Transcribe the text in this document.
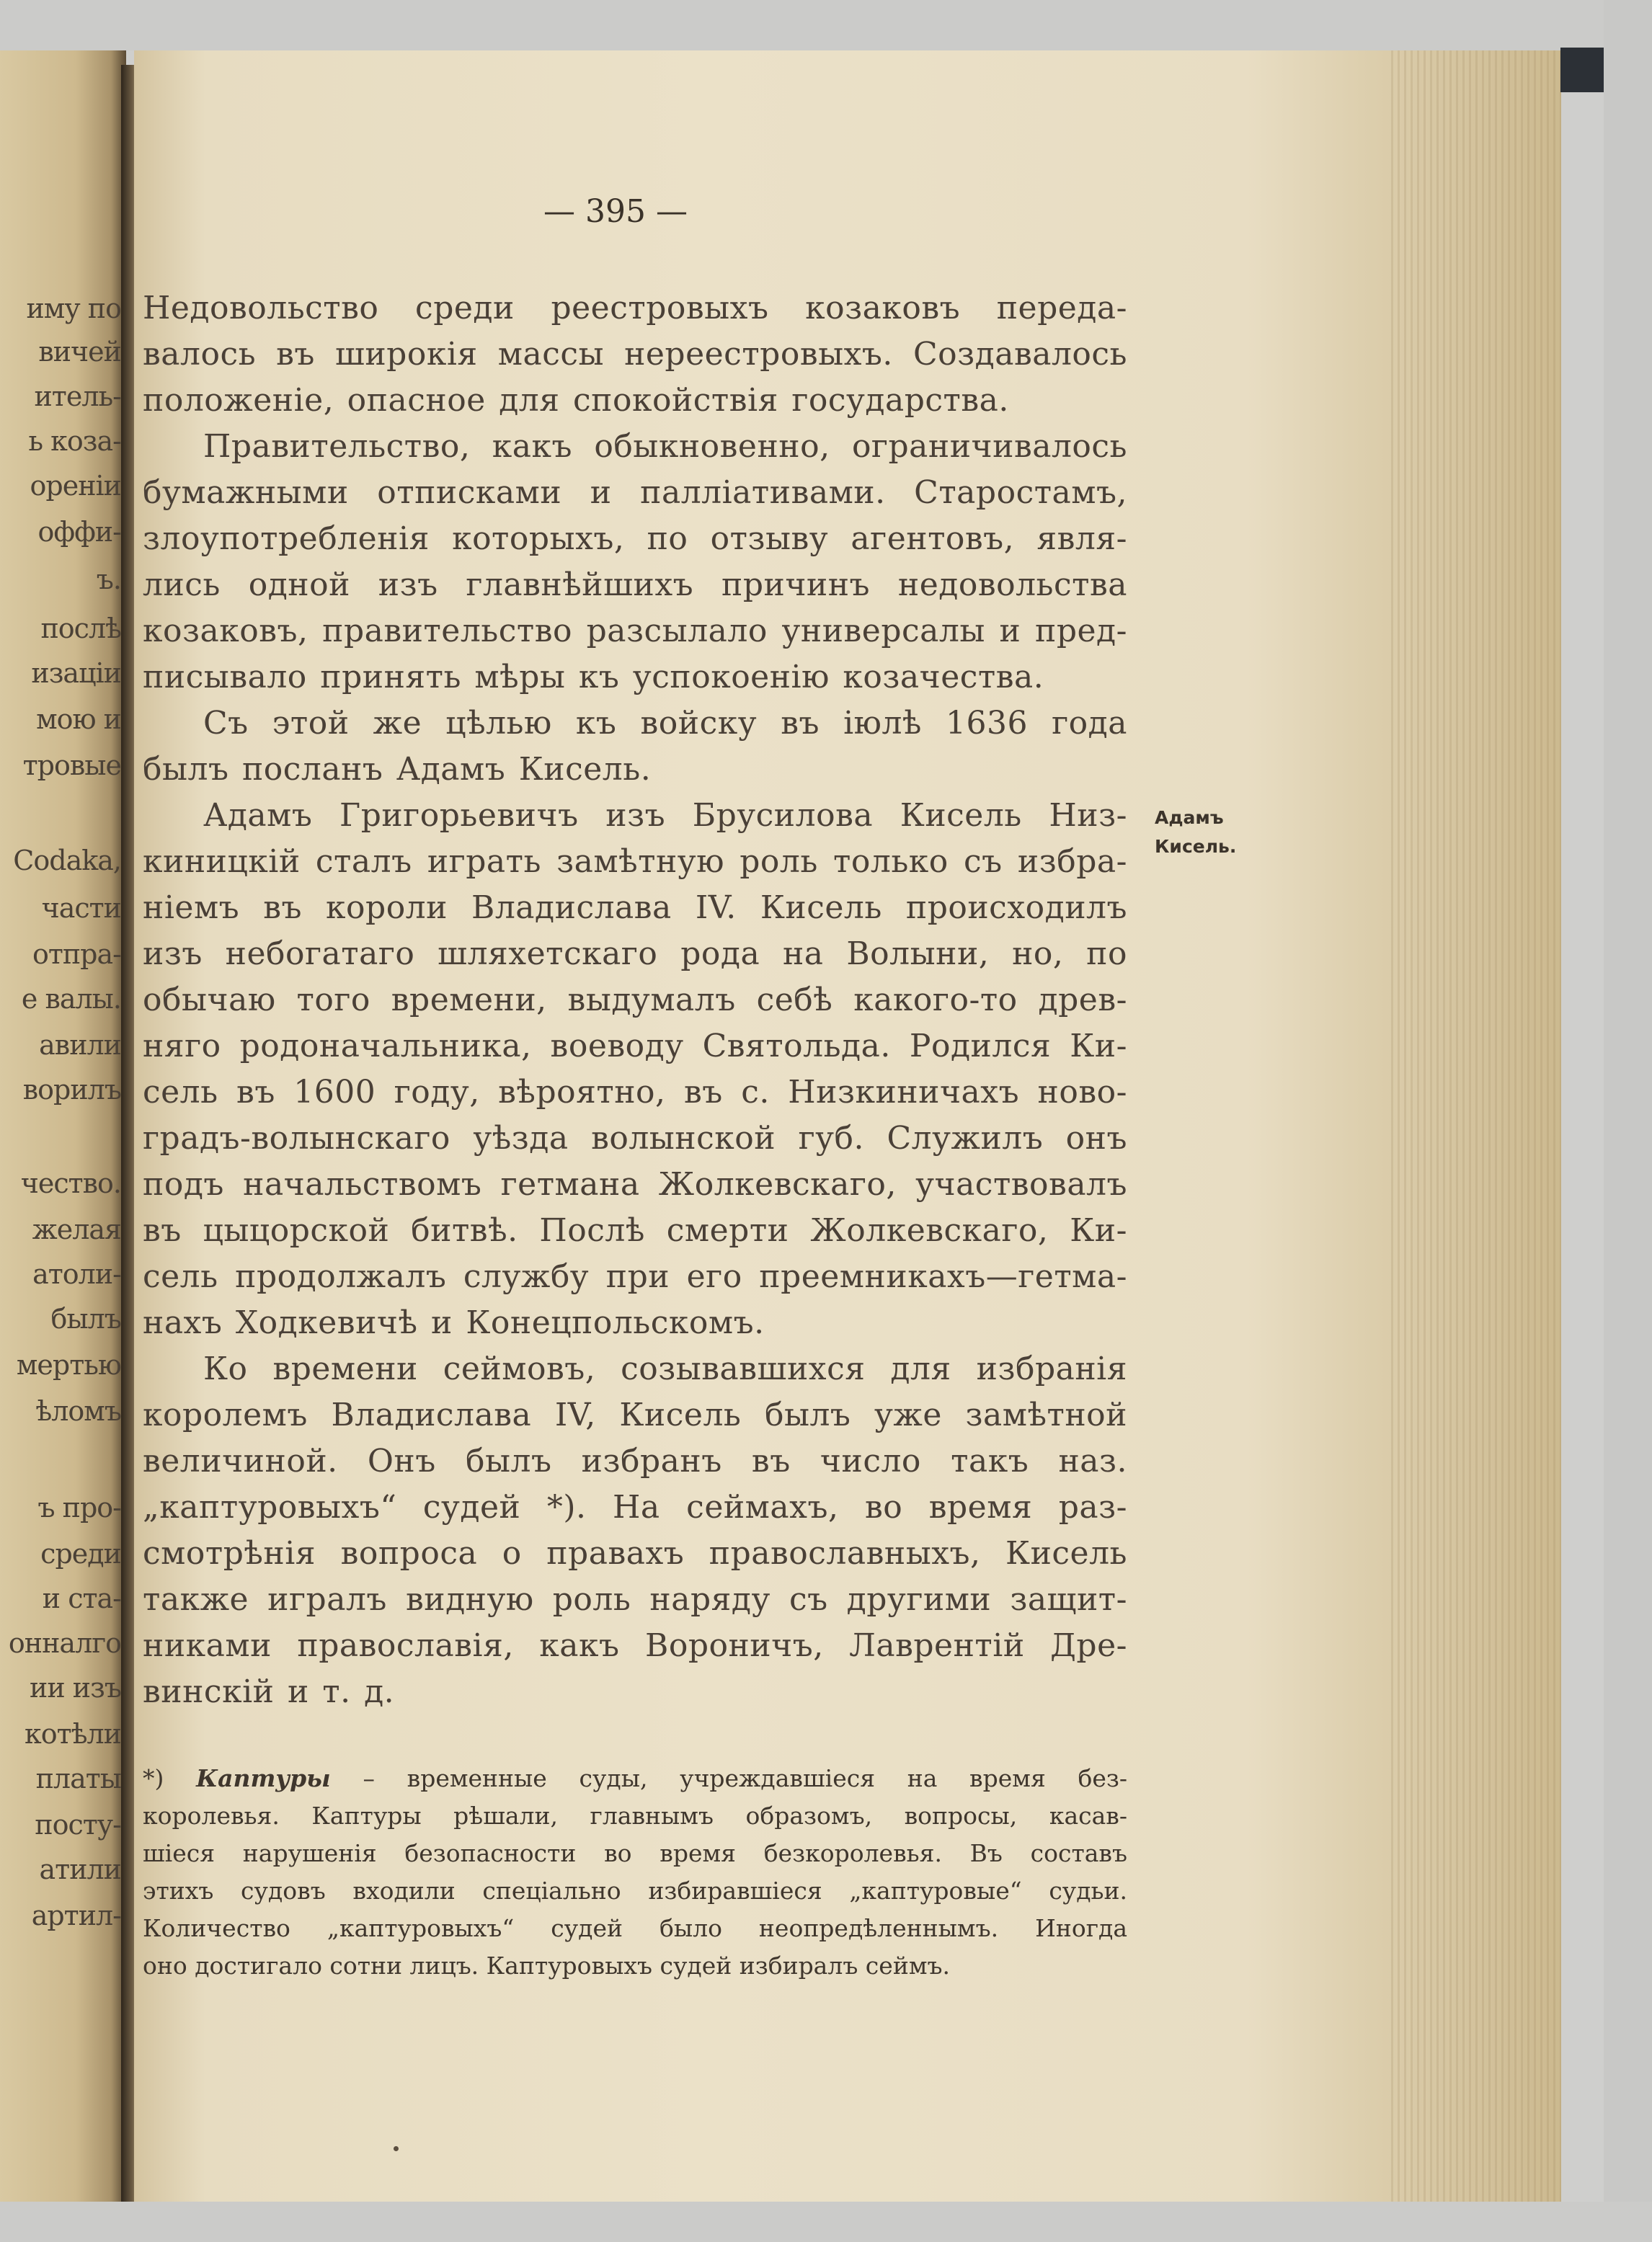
иму по
вичей
итель-
ь коза-
ореніи
оффи-
ъ.
послѣ
изаціи
мою и
тровые
Сodaka,
части
отпра-
е валы.
авили
ворилъ
чество.
желая
атоли-
былъ
мертью
ѣломъ
ъ про-
среди
и ста-
онналго
ии изъ
котѣли
платы
посту-
атили
артил-
— 395 —
Недовольство среди реестровыхъ козаковъ переда-
валось въ широкія массы нереестровыхъ. Создавалось
положеніе, опасное для спокойствія государства.
Правительство, какъ обыкновенно, ограничивалось
бумажными отписками и палліативами. Старостамъ,
злоупотребленія которыхъ, по отзыву агентовъ, явля-
лись одной изъ главнѣйшихъ причинъ недовольства
козаковъ, правительство разсылало универсалы и пред-
писывало принять мѣры къ успокоенію козачества.
Съ этой же цѣлью къ войску въ іюлѣ 1636 года
былъ посланъ Адамъ Кисель.
Адамъ Григорьевичъ изъ Брусилова Кисель Низ-
киницкій сталъ играть замѣтную роль только съ избра-
ніемъ въ короли Владислава IV. Кисель происходилъ
изъ небогатаго шляхетскаго рода на Волыни, но, по
обычаю того времени, выдумалъ себѣ какого-то древ-
няго родоначальника, воеводу Святольда. Родился Ки-
сель въ 1600 году, вѣроятно, въ с. Низкиничахъ ново-
градъ-волынскаго уѣзда волынской губ. Служилъ онъ
подъ начальствомъ гетмана Жолкевскаго, участвовалъ
въ цыцорской битвѣ. Послѣ смерти Жолкевскаго, Ки-
сель продолжалъ службу при его преемникахъ—гетма-
нахъ Ходкевичѣ и Конецпольскомъ.
Ко времени сеймовъ, созывавшихся для избранія
королемъ Владислава IV, Кисель былъ уже замѣтной
величиной. Онъ былъ избранъ въ число такъ наз.
„каптуровыхъ“ судей *). На сеймахъ, во время раз-
смотрѣнія вопроса о правахъ православныхъ, Кисель
также игралъ видную роль наряду съ другими защит-
никами православія, какъ Вороничъ, Лаврентій Дре-
винскій и т. д.
Адамъ
Кисель.
*) Каптуры – временные суды, учреждавшіеся на время без-
королевья. Каптуры рѣшали, главнымъ образомъ, вопросы, касав-
шіеся нарушенія безопасности во время безкоролевья. Въ составъ
этихъ судовъ входили спеціально избиравшіеся „каптуровые“ судьи.
Количество „каптуровыхъ“ судей было неопредѣленнымъ. Иногда
оно достигало сотни лицъ. Каптуровыхъ судей избиралъ сеймъ.
